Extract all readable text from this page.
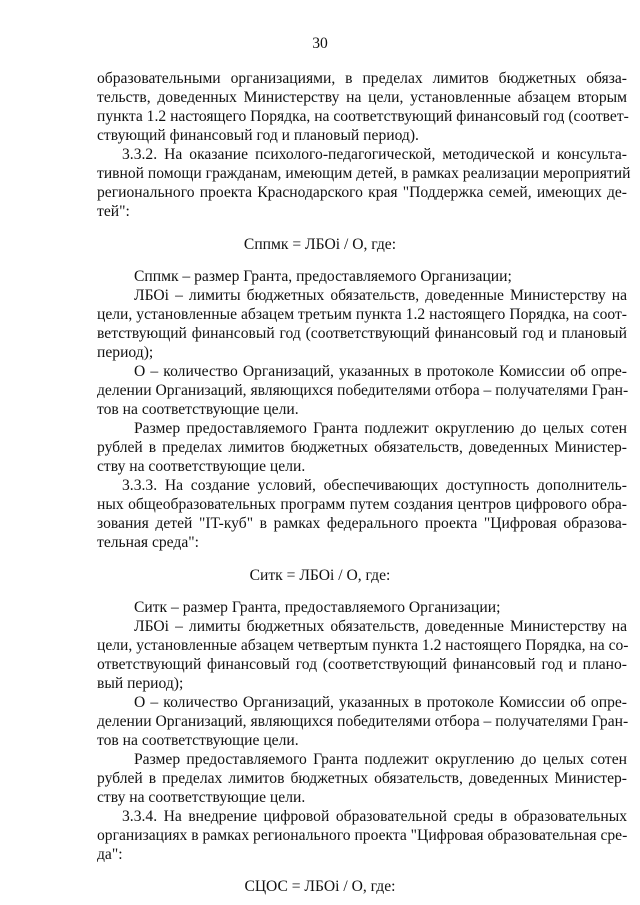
30
образовательными организациями, в пределах лимитов бюджетных обяза-
тельств, доведенных Министерству на цели, установленные абзацем вторым
пункта 1.2 настоящего Порядка, на соответствующий финансовый год (соответ-
ствующий финансовый год и плановый период).
3.3.2. На оказание психолого-педагогической, методической и консульта-
тивной помощи гражданам, имеющим детей, в рамках реализации мероприятий
регионального проекта Краснодарского края "Поддержка семей, имеющих де-
тей":
Сппмк = ЛБОi / О, где:
Сппмк – размер Гранта, предоставляемого Организации;
ЛБОi – лимиты бюджетных обязательств, доведенные Министерству на
цели, установленные абзацем третьим пункта 1.2 настоящего Порядка, на соот-
ветствующий финансовый год (соответствующий финансовый год и плановый
период);
О – количество Организаций, указанных в протоколе Комиссии об опре-
делении Организаций, являющихся победителями отбора – получателями Гран-
тов на соответствующие цели.
Размер предоставляемого Гранта подлежит округлению до целых сотен
рублей в пределах лимитов бюджетных обязательств, доведенных Министер-
ству на соответствующие цели.
3.3.3. На создание условий, обеспечивающих доступность дополнитель-
ных общеобразовательных программ путем создания центров цифрового обра-
зования детей "IT-куб" в рамках федерального проекта "Цифровая образова-
тельная среда":
Ситк = ЛБОi / О, где:
Ситк – размер Гранта, предоставляемого Организации;
ЛБОi – лимиты бюджетных обязательств, доведенные Министерству на
цели, установленные абзацем четвертым пункта 1.2 настоящего Порядка, на со-
ответствующий финансовый год (соответствующий финансовый год и плано-
вый период);
О – количество Организаций, указанных в протоколе Комиссии об опре-
делении Организаций, являющихся победителями отбора – получателями Гран-
тов на соответствующие цели.
Размер предоставляемого Гранта подлежит округлению до целых сотен
рублей в пределах лимитов бюджетных обязательств, доведенных Министер-
ству на соответствующие цели.
3.3.4. На внедрение цифровой образовательной среды в образовательных
организациях в рамках регионального проекта "Цифровая образовательная сре-
да":
СЦОС = ЛБОi / О, где:
